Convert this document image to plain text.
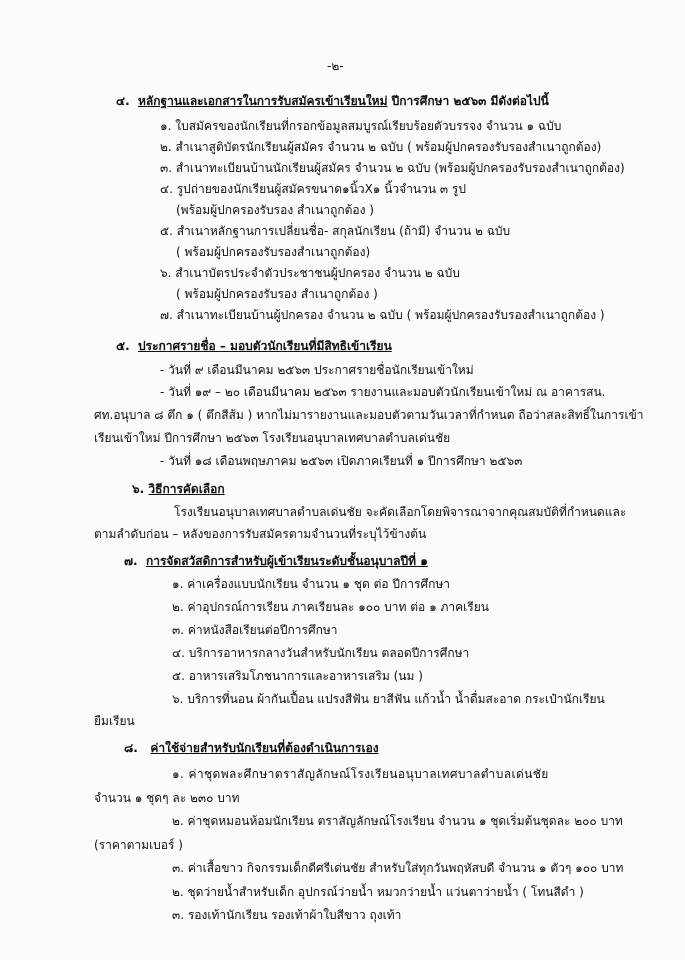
-๒-
๔. หลักฐานและเอกสารในการรับสมัครเข้าเรียนใหม่ ปีการศึกษา ๒๕๖๓ มีดังต่อไปนี้
๑. ใบสมัครของนักเรียนที่กรอกข้อมูลสมบูรณ์เรียบร้อยตัวบรรจง จำนวน ๑ ฉบับ
๒. สำเนาสูติบัตรนักเรียนผู้สมัคร จำนวน ๒ ฉบับ ( พร้อมผู้ปกครองรับรองสำเนาถูกต้อง)
๓. สำเนาทะเบียนบ้านนักเรียนผู้สมัคร จำนวน ๒ ฉบับ (พร้อมผู้ปกครองรับรองสำเนาถูกต้อง)
๔. รูปถ่ายของนักเรียนผู้สมัครขนาด๑นิ้วX๑ นิ้วจำนวน ๓ รูป
(พร้อมผู้ปกครองรับรอง สำเนาถูกต้อง )
๕. สำเนาหลักฐานการเปลี่ยนชื่อ- สกุลนักเรียน (ถ้ามี) จำนวน ๒ ฉบับ
( พร้อมผู้ปกครองรับรองสำเนาถูกต้อง)
๖. สำเนาบัตรประจำตัวประชาชนผู้ปกครอง จำนวน ๒ ฉบับ
( พร้อมผู้ปกครองรับรอง สำเนาถูกต้อง )
๗. สำเนาทะเบียนบ้านผู้ปกครอง จำนวน ๒ ฉบับ ( พร้อมผู้ปกครองรับรองสำเนาถูกต้อง )
๕. ประกาศรายชื่อ – มอบตัวนักเรียนที่มีสิทธิเข้าเรียน
- วันที่ ๙ เดือนมีนาคม ๒๕๖๓ ประกาศรายชื่อนักเรียนเข้าใหม่
- วันที่ ๑๙ – ๒๐ เดือนมีนาคม ๒๕๖๓ รายงานและมอบตัวนักเรียนเข้าใหม่ ณ อาคารสน.
ศท.อนุบาล ๘ ตึก ๑ ( ตึกสีส้ม ) หากไม่มารายงานและมอบตัวตามวันเวลาที่กำหนด ถือว่าสละสิทธิ์ในการเข้า
เรียนเข้าใหม่ ปีการศึกษา ๒๕๖๓ โรงเรียนอนุบาลเทศบาลตำบลเด่นชัย
- วันที่ ๑๘ เดือนพฤษภาคม ๒๕๖๓ เปิดภาคเรียนที่ ๑ ปีการศึกษา ๒๕๖๓
๖. วิธีการคัดเลือก
โรงเรียนอนุบาลเทศบาลตำบลเด่นชัย จะคัดเลือกโดยพิจารณาจากคุณสมบัติที่กำหนดและ
ตามลำดับก่อน – หลังของการรับสมัครตามจำนวนที่ระบุไว้ข้างต้น
๗. การจัดสวัสดิการสำหรับผู้เข้าเรียนระดับชั้นอนุบาลปีที่ ๑
๑. ค่าเครื่องแบบนักเรียน จำนวน ๑ ชุด ต่อ ปีการศึกษา
๒. ค่าอุปกรณ์การเรียน ภาคเรียนละ ๑๐๐ บาท ต่อ ๑ ภาคเรียน
๓. ค่าหนังสือเรียนต่อปีการศึกษา
๔. บริการอาหารกลางวันสำหรับนักเรียน ตลอดปีการศึกษา
๕. อาหารเสริมโภชนาการและอาหารเสริม (นม )
๖. บริการที่นอน ผ้ากันเปื้อน แปรงสีฟัน ยาสีฟัน แก้วน้ำ น้ำดื่มสะอาด กระเป๋านักเรียน
ยืมเรียน
๘. ค่าใช้จ่ายสำหรับนักเรียนที่ต้องดำเนินการเอง
๑. ค่าชุดพละศึกษาตราสัญลักษณ์โรงเรียนอนุบาลเทศบาลตำบลเด่นชัย
จำนวน ๑ ชุดๆ ละ ๒๓๐ บาท
๒. ค่าชุดหมอนห้อมนักเรียน ตราสัญลักษณ์โรงเรียน จำนวน ๑ ชุดเริ่มต้นชุดละ ๒๐๐ บาท
(ราคาตามเบอร์ )
๓. ค่าเสื้อขาว กิจกรรมเด็กดีศรีเด่นชัย สำหรับใส่ทุกวันพฤหัสบดี จำนวน ๑ ตัวๆ ๑๐๐ บาท
๒. ชุดว่ายน้ำสำหรับเด็ก อุปกรณ์ว่ายน้ำ หมวกว่ายน้ำ แว่นตาว่ายน้ำ ( โทนสีดำ )
๓. รองเท้านักเรียน รองเท้าผ้าใบสีขาว ถุงเท้า
